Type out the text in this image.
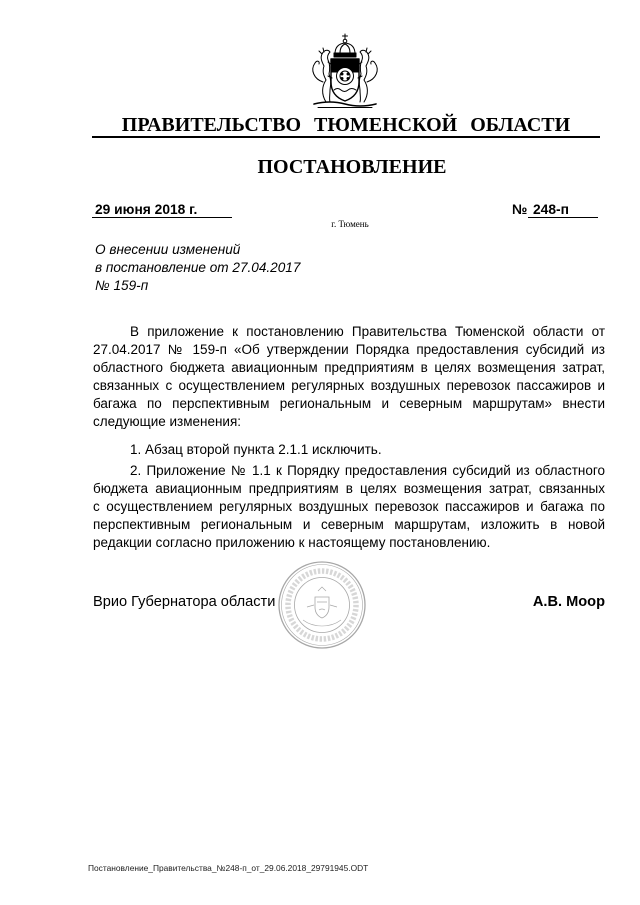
ПРАВИТЕЛЬСТВО ТЮМЕНСКОЙ ОБЛАСТИ
ПОСТАНОВЛЕНИЕ
29 июня 2018 г.	№ 248-п
г. Тюмень
О внесении изменений
в постановление от 27.04.2017
№ 159-п
В приложение к постановлению Правительства Тюменской области от
27.04.2017 № 159-п «Об утверждении Порядка предоставления субсидий из
областного бюджета авиационным предприятиям в целях возмещения затрат,
связанных с осуществлением регулярных воздушных перевозок пассажиров и
багажа по перспективным региональным и северным маршрутам» внести
следующие изменения:
1. Абзац второй пункта 2.1.1 исключить.
2. Приложение № 1.1 к Порядку предоставления субсидий из областного
бюджета авиационным предприятиям в целях возмещения затрат, связанных
с осуществлением регулярных воздушных перевозок пассажиров и багажа по
перспективным региональным и северным маршрутам, изложить в новой
редакции согласно приложению к настоящему постановлению.
Врио Губернатора области	А.В. Моор
Постановление_Правительства_№248-п_от_29.06.2018_29791945.ODT
